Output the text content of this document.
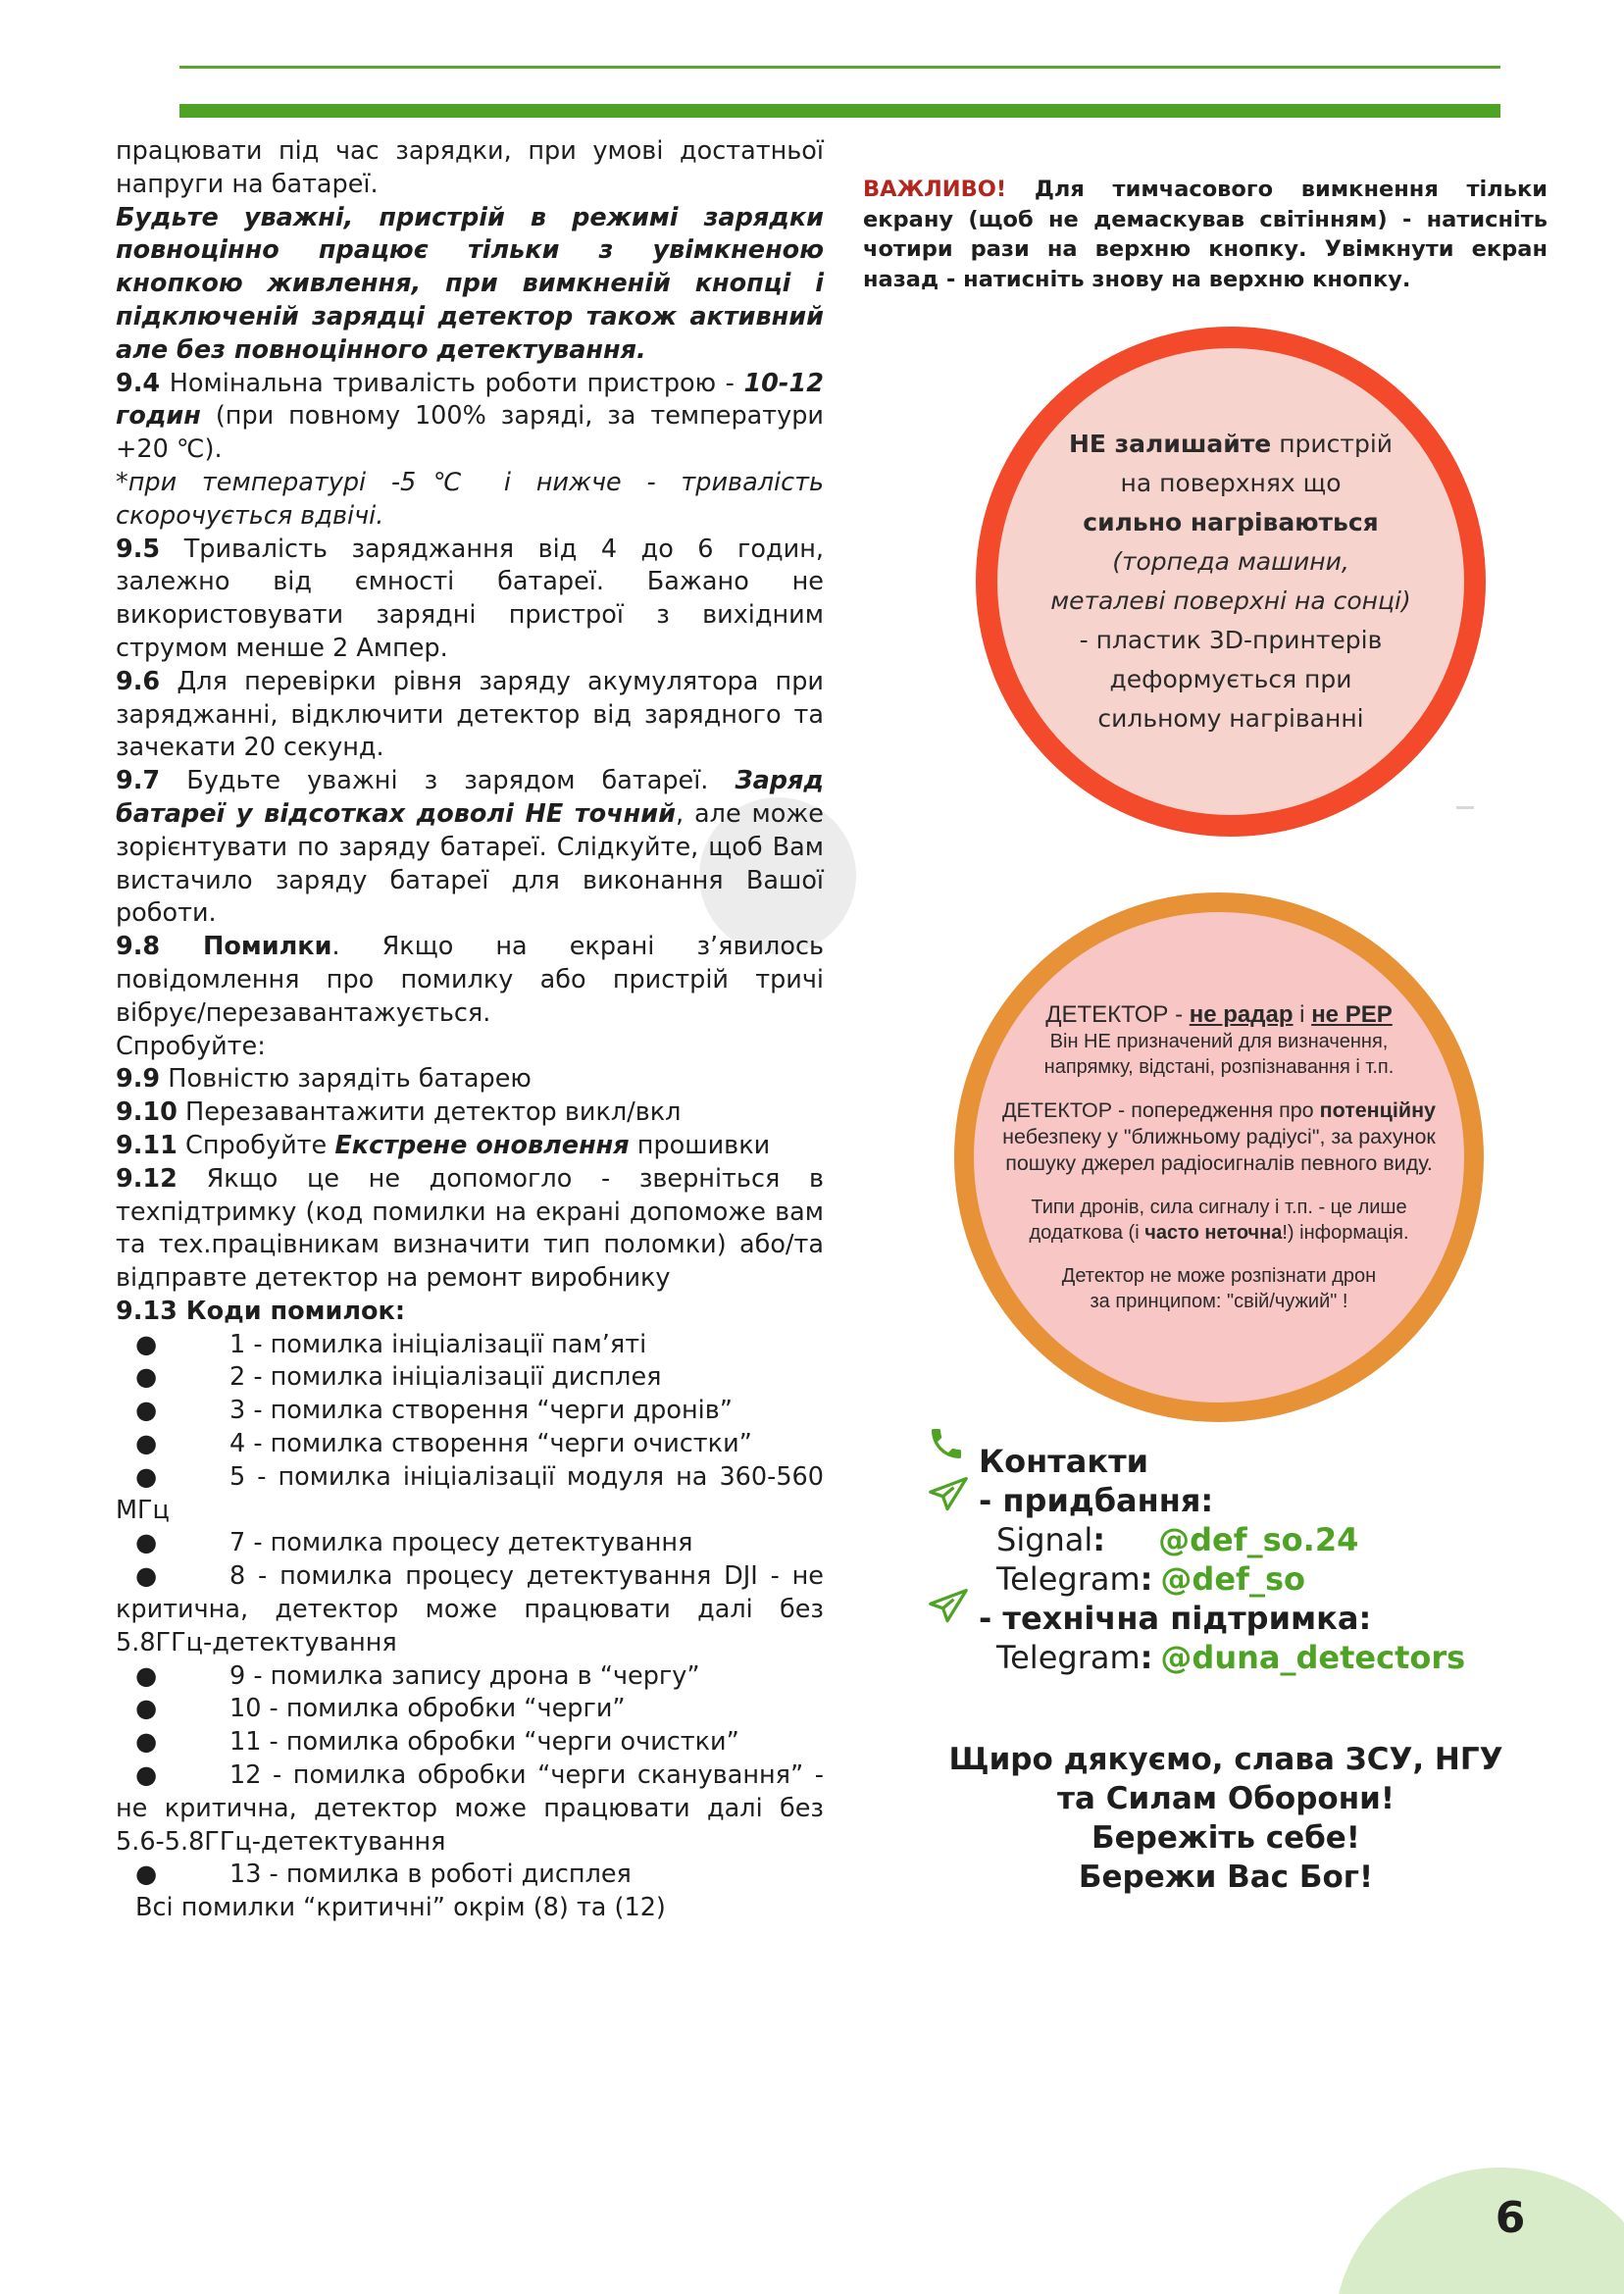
працювати під час зарядки, при умові достатньої напруги на батареї.

Будьте уважні, пристрій в режимі зарядки повноцінно працює тільки з увімкненою кнопкою живлення, при вимкненій кнопці і підключеній зарядці детектор також активний але без повноцінного детектування.

9.4 Номінальна тривалість роботи пристрою - 10-12 годин (при повному 100% заряді, за температури +20 ℃).

*при температурі -5℃ і нижче - тривалість скорочується вдвічі.

9.5 Тривалість заряджання від 4 до 6 годин, залежно від ємності батареї. Бажано не використовувати зарядні пристрої з вихідним струмом менше 2 Ампер.

9.6 Для перевірки рівня заряду акумулятора при заряджанні, відключити детектор від зарядного та зачекати 20 секунд.

9.7 Будьте уважні з зарядом батареї. Заряд батареї у відсотках доволі НЕ точний, але може зорієнтувати по заряду батареї. Слідкуйте, щоб Вам вистачило заряду батареї для виконання Вашої роботи.

9.8 Помилки. Якщо на екрані з’явилось повідомлення про помилку або пристрій тричі вібрує/перезавантажується.

Спробуйте:

9.9 Повністю зарядіть батарею

9.10 Перезавантажити детектор викл/вкл

9.11 Спробуйте Екстрене оновлення прошивки

9.12 Якщо це не допомогло - зверніться в техпідтримку (код помилки на екрані допоможе вам та тех.працівникам визначити тип поломки) або/та відправте детектор на ремонт виробнику

9.13 Коди помилок:

●	1 - помилка ініціалізації пам’яті

●	2 - помилка ініціалізації дисплея

●	3 - помилка створення “черги дронів”

●	4 - помилка створення “черги очистки”

●	5 - помилка ініціалізації модуля на 360-560 МГц

●	7 - помилка процесу детектування

●	8 - помилка процесу детектування DJI - не критична, детектор може працювати далі без 5.8ГГц-детектування

●	9 - помилка запису дрона в “чергу”

●	10 - помилка обробки “черги”

●	11 - помилка обробки “черги очистки”

●	12 - помилка обробки “черги сканування” - не критична, детектор може працювати далі без 5.6-5.8ГГц-детектування

●	13 - помилка в роботі дисплея

Всі помилки “критичні” окрім (8) та (12)

ВАЖЛИВО! Для тимчасового вимкнення тільки екрану (щоб не демаскував світінням) - натисніть чотири рази на верхню кнопку. Увімкнути екран назад - натисніть знову на верхню кнопку.

НЕ залишайте пристрій
на поверхнях що
сильно нагріваються
(торпеда машини,
металеві поверхні на сонці)
- пластик 3D-принтерів
деформується при
сильному нагріванні
ДЕТЕКТОР - не радар і не РЕР
Він НЕ призначений для визначення,
напрямку, відстані, розпізнавання і т.п.
ДЕТЕКТОР - попередження про потенційну
небезпеку у "ближньому радіусі", за рахунок
пошуку джерел радіосигналів певного виду.
Типи дронів, сила сигналу і т.п. - це лише
додаткова (і часто неточна!) інформація.
Детектор не може розпізнати дрон
за принципом: "свій/чужий" !
Контакти
- придбання:
Signal: @def_so.24
Telegram: @def_so
- технічна підтримка:
Telegram: @duna_detectors
Щиро дякуємо, слава ЗСУ, НГУ
та Силам Оборони!
Бережіть себе!
Бережи Вас Бог!
6
